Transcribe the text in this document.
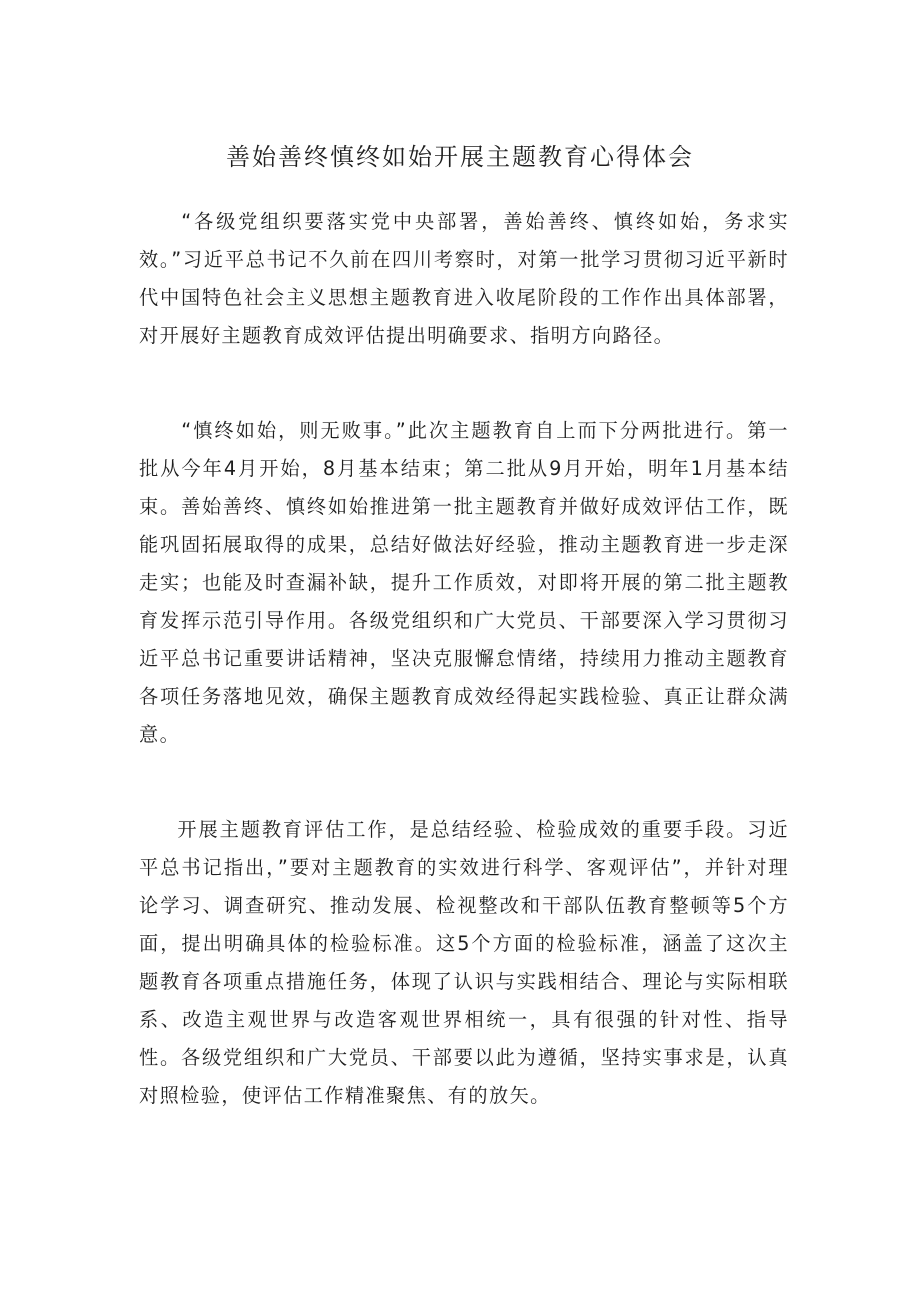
善始善终慎终如始开展主题教育心得体会

“各级党组织要落实党中央部署，善始善终、慎终如始，务求实效。”习近平总书记不久前在四川考察时，对第一批学习贯彻习近平新时代中国特色社会主义思想主题教育进入收尾阶段的工作作出具体部署，对开展好主题教育成效评估提出明确要求、指明方向路径。

“慎终如始，则无败事。”此次主题教育自上而下分两批进行。第一批从今年4月开始，8月基本结束；第二批从9月开始，明年1月基本结束。善始善终、慎终如始推进第一批主题教育并做好成效评估工作，既能巩固拓展取得的成果，总结好做法好经验，推动主题教育进一步走深走实；也能及时查漏补缺，提升工作质效，对即将开展的第二批主题教育发挥示范引导作用。各级党组织和广大党员、干部要深入学习贯彻习近平总书记重要讲话精神，坚决克服懈怠情绪，持续用力推动主题教育各项任务落地见效，确保主题教育成效经得起实践检验、真正让群众满意。

开展主题教育评估工作，是总结经验、检验成效的重要手段。习近平总书记指出，”要对主题教育的实效进行科学、客观评估”，并针对理论学习、调查研究、推动发展、检视整改和干部队伍教育整顿等5个方面，提出明确具体的检验标准。这5个方面的检验标准，涵盖了这次主题教育各项重点措施任务，体现了认识与实践相结合、理论与实际相联系、改造主观世界与改造客观世界相统一，具有很强的针对性、指导性。各级党组织和广大党员、干部要以此为遵循，坚持实事求是，认真对照检验，使评估工作精准聚焦、有的放矢。
